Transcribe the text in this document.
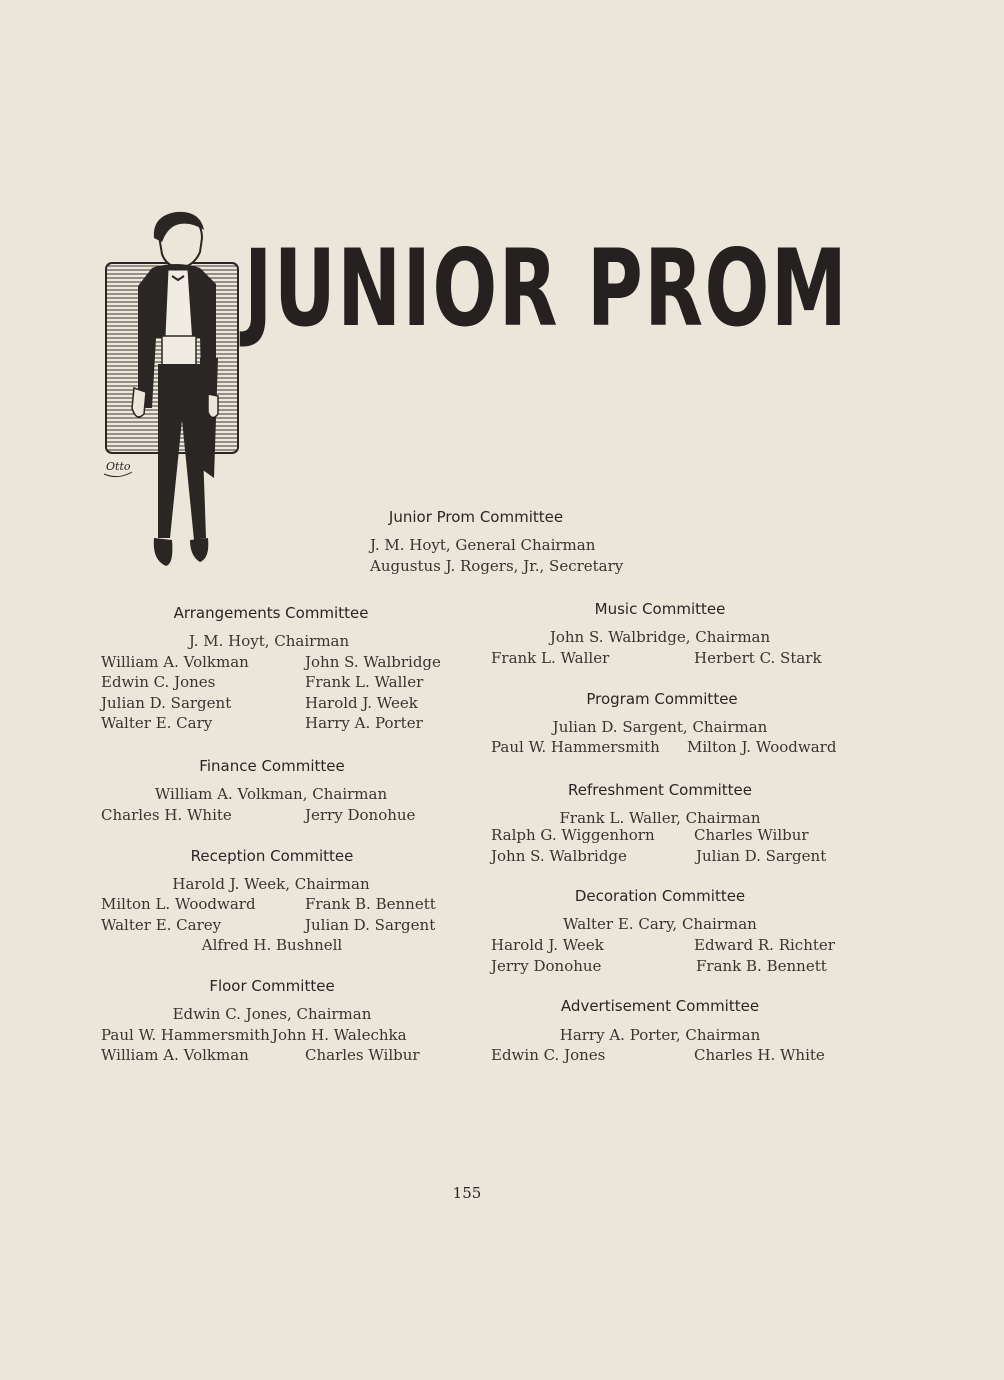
Otto
JUNIOR PROM
Junior Prom Committee
J. M. Hoyt, General Chairman
Augustus J. Rogers, Jr., Secretary
Arrangements Committee
J. M. Hoyt, Chairman
William A. Volkman	John S. Walbridge
Edwin C. Jones	Frank L. Waller
Julian D. Sargent	Harold J. Week
Walter E. Cary	Harry A. Porter
Finance Committee
William A. Volkman, Chairman
Charles H. White	Jerry Donohue
Reception Committee
Harold J. Week, Chairman
Milton L. Woodward	Frank B. Bennett
Walter E. Carey	Julian D. Sargent
Alfred H. Bushnell
Floor Committee
Edwin C. Jones, Chairman
Paul W. Hammersmith John H. Walechka
William A. Volkman	Charles Wilbur
Music Committee
John S. Walbridge, Chairman
Frank L. Waller	Herbert C. Stark
Program Committee
Julian D. Sargent, Chairman
Paul W. Hammersmith Milton J. Woodward
Refreshment Committee
Frank L. Waller, Chairman
Ralph G. Wiggenhorn	Charles Wilbur
John S. Walbridge	Julian D. Sargent
Decoration Committee
Walter E. Cary, Chairman
Harold J. Week	Edward R. Richter
Jerry Donohue	Frank B. Bennett
Advertisement Committee
Harry A. Porter, Chairman
Edwin C. Jones	Charles H. White
155
